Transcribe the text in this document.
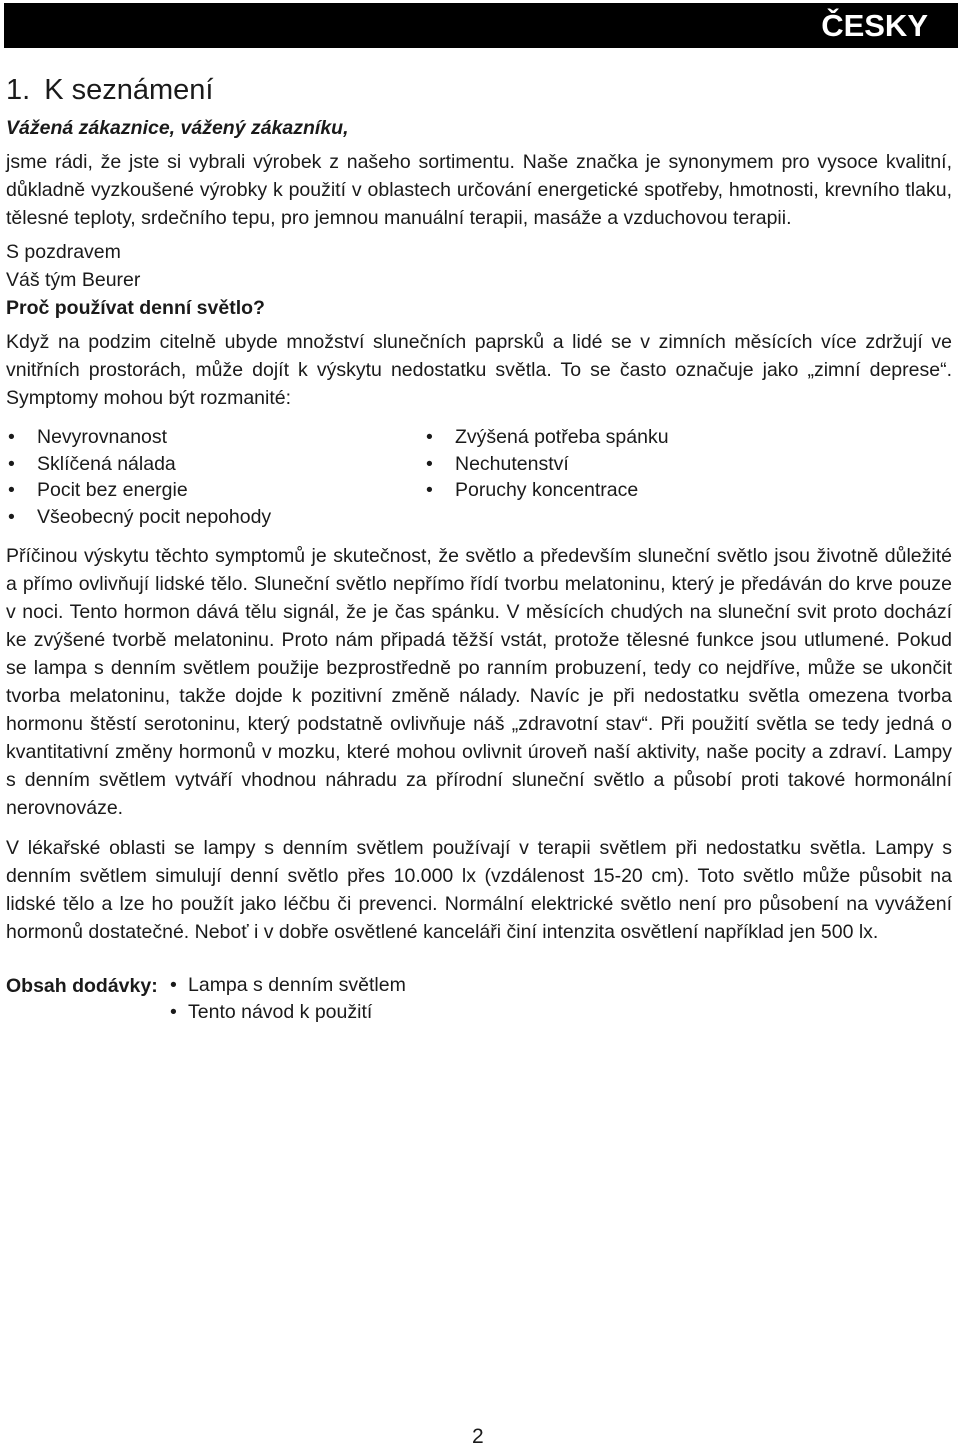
ČESKY
1. K seznámení

Vážená zákaznice, vážený zákazníku,

jsme rádi, že jste si vybrali výrobek z našeho sortimentu. Naše značka je synonymem pro vysoce kvalitní, důkladně vyzkoušené výrobky k použití v oblastech určování energetické spotřeby, hmotnosti, krevního tlaku, tělesné teploty, srdečního tepu, pro jemnou manuální terapii, masáže a vzduchovou terapii.

S pozdravem

Váš tým Beurer

Proč používat denní světlo?

Když na podzim citelně ubyde množství slunečních paprsků a lidé se v zimních měsících více zdržují ve vnitřních prostorách, může dojít k výskytu nedostatku světla. To se často označuje jako „zimní deprese“. Symptomy mohou být rozmanité:

• Nevyrovnanost
• Sklíčená nálada
• Pocit bez energie
• Všeobecný pocit nepohody
• Zvýšená potřeba spánku
• Nechutenství
• Poruchy koncentrace

Příčinou výskytu těchto symptomů je skutečnost, že světlo a především sluneční světlo jsou životně důležité a přímo ovlivňují lidské tělo. Sluneční světlo nepřímo řídí tvorbu melatoninu, který je předáván do krve pouze v noci. Tento hormon dává tělu signál, že je čas spánku. V měsících chudých na sluneční svit proto dochází ke zvýšené tvorbě melatoninu. Proto nám připadá těžší vstát, protože tělesné funkce jsou utlumené. Pokud se lampa s denním světlem použije bezprostředně po ranním probuzení, tedy co nejdříve, může se ukončit tvorba melatoninu, takže dojde k pozitivní změně nálady. Navíc je při nedostatku světla omezena tvorba hormonu štěstí serotoninu, který podstatně ovlivňuje náš „zdravotní stav“. Při použití světla se tedy jedná o kvantitativní změny hormonů v mozku, které mohou ovlivnit úroveň naší aktivity, naše pocity a zdraví. Lampy s denním světlem vytváří vhodnou náhradu za přírodní sluneční světlo a působí proti takové hormonální nerovnováze.

V lékařské oblasti se lampy s denním světlem používají v terapii světlem při nedostatku světla. Lampy s denním světlem simulují denní světlo přes 10.000 lx (vzdálenost 15-20 cm). Toto světlo může působit na lidské tělo a lze ho použít jako léčbu či prevenci. Normální elektrické světlo není pro působení na vyvážení hormonů dostatečné. Neboť i v dobře osvětlené kanceláři činí intenzita osvětlení například jen 500 lx.

Obsah dodávky: • Lampa s denním světlem
• Tento návod k použití
2
